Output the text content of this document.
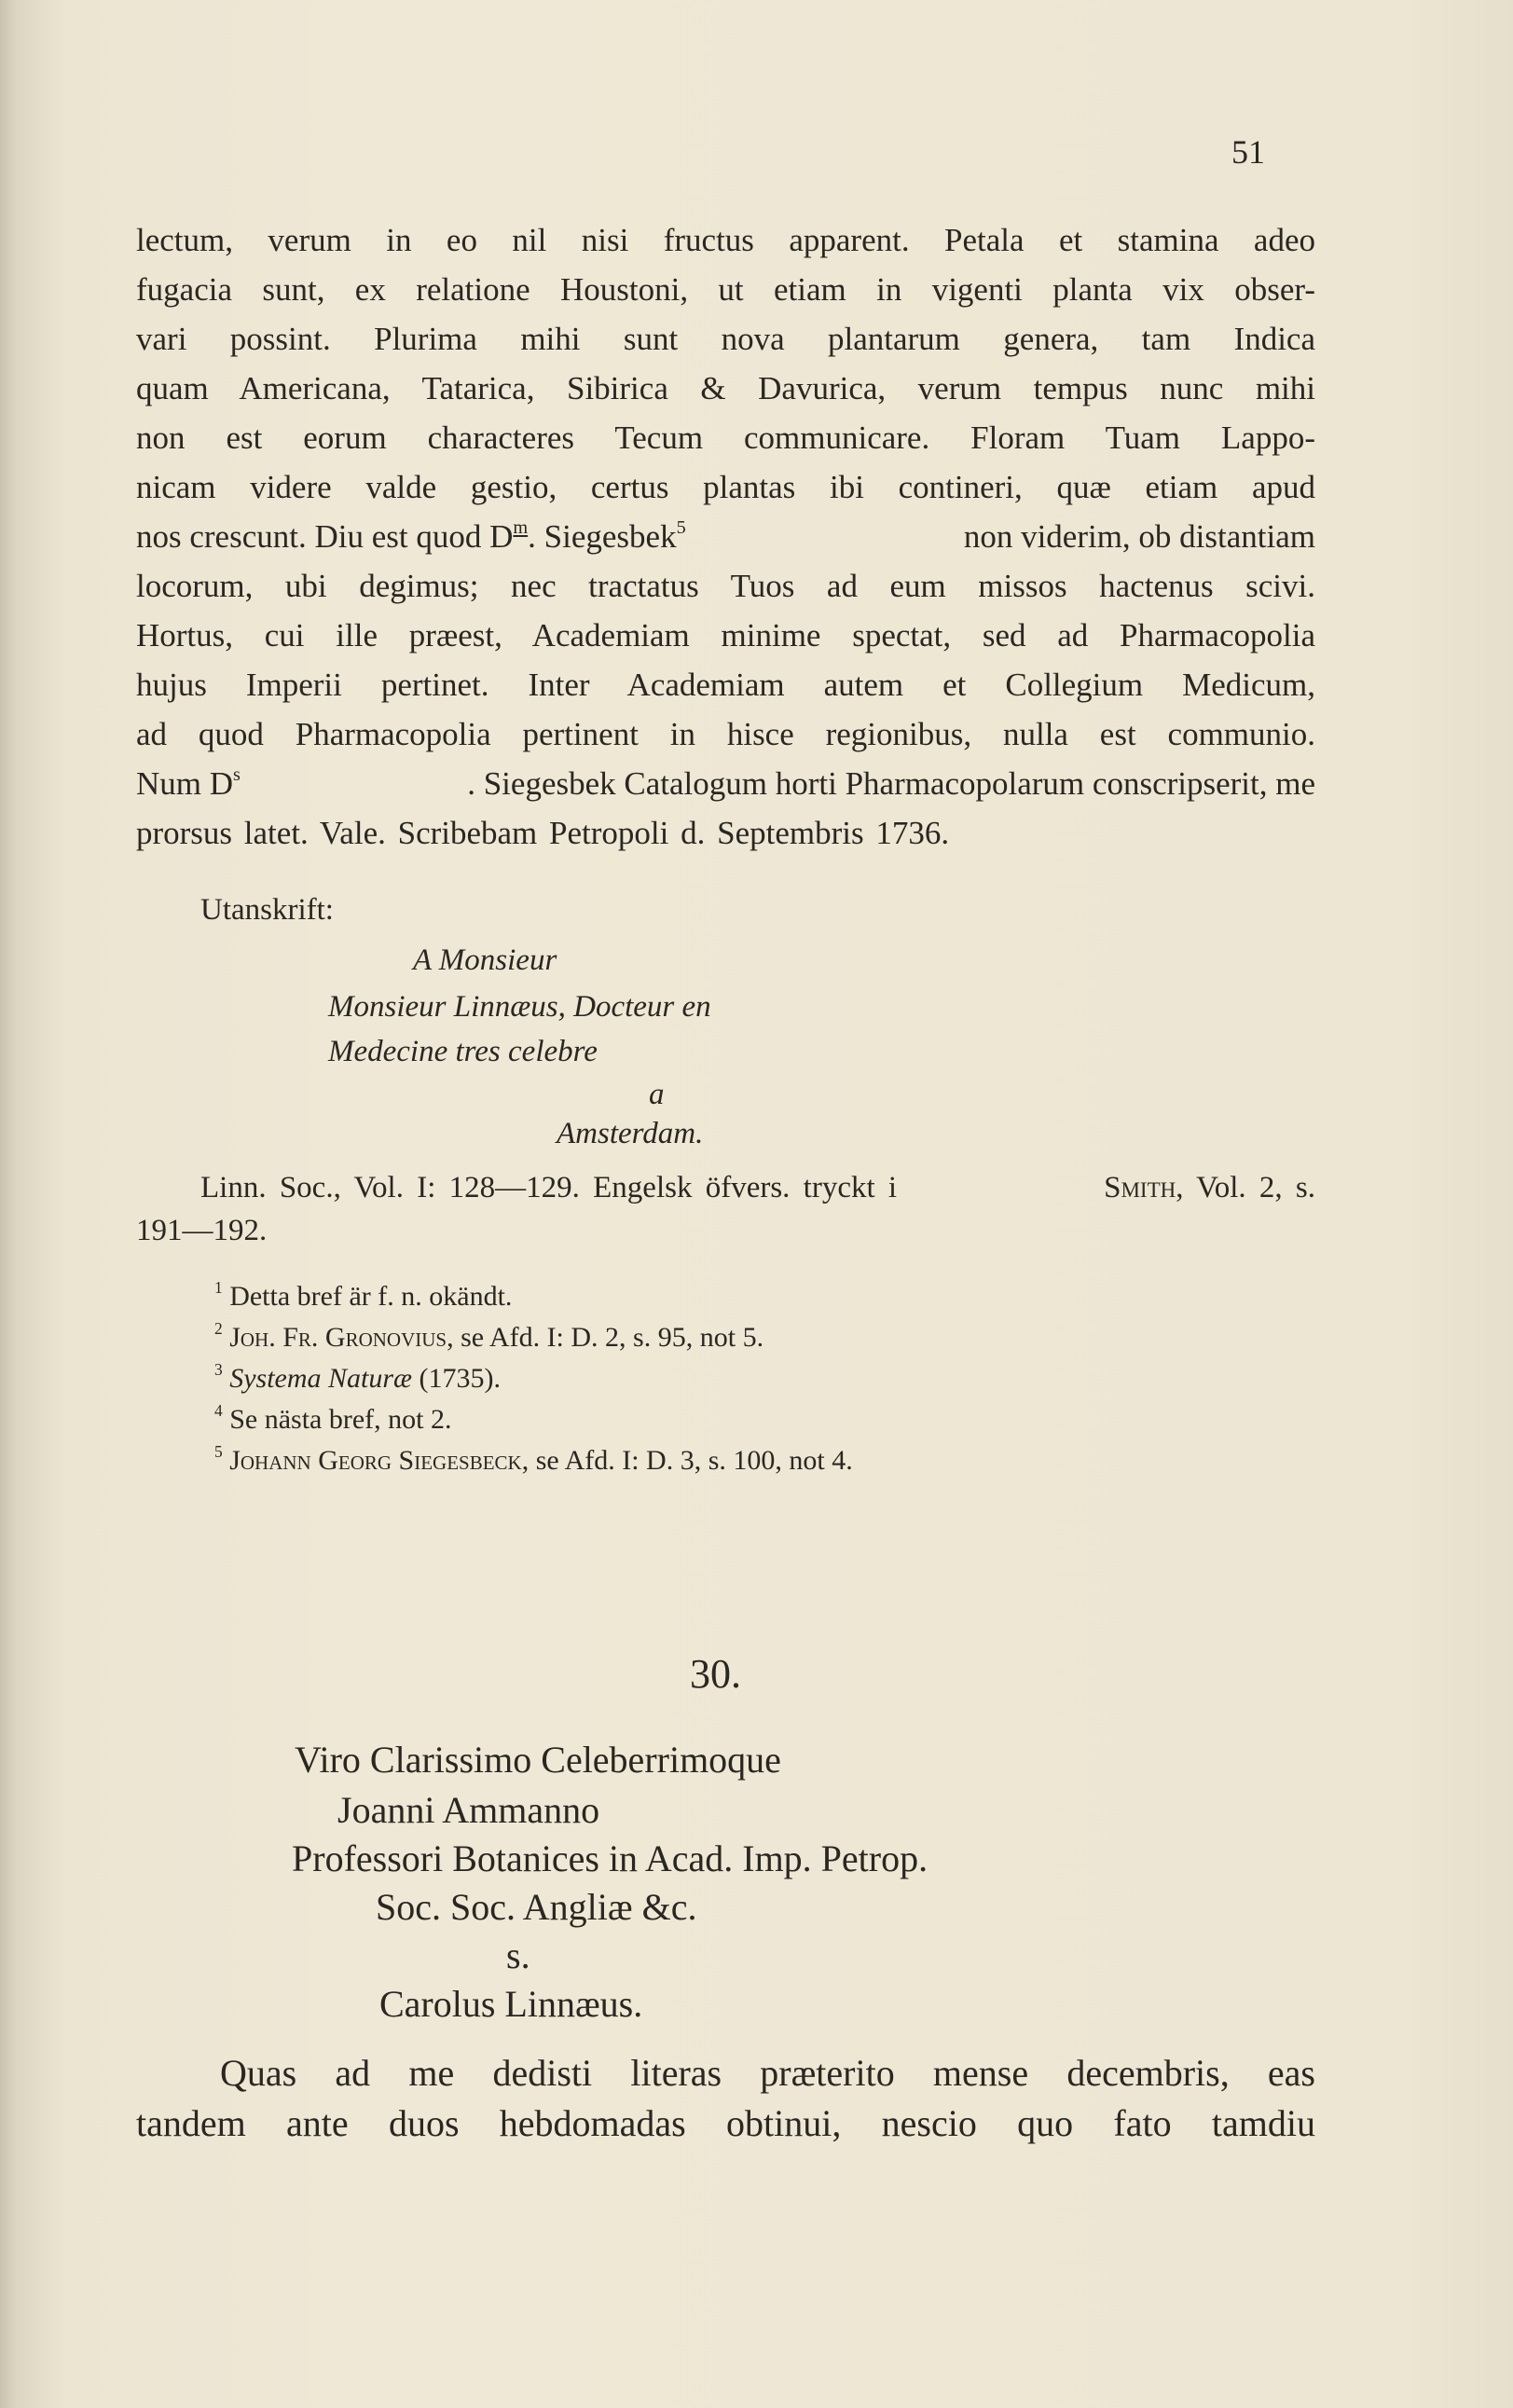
51
lectum, verum in eo nil nisi fructus apparent. Petala et stamina adeo
fugacia sunt, ex relatione Houstoni, ut etiam in vigenti planta vix obser-
vari possint. Plurima mihi sunt nova plantarum genera, tam Indica
quam Americana, Tatarica, Sibirica & Davurica, verum tempus nunc mihi
non est eorum characteres Tecum communicare. Floram Tuam Lappo-
nicam videre valde gestio, certus plantas ibi contineri, quæ etiam apud
nos crescunt. Diu est quod $D^m$. Siegesbek$^5$	non viderim, ob distantiam
locorum, ubi degimus; nec tractatus Tuos ad eum missos hactenus scivi.
Hortus, cui ille præest, Academiam minime spectat, sed ad Pharmacopolia
hujus Imperii pertinet. Inter Academiam autem et Collegium Medicum,
ad quod Pharmacopolia pertinent in hisce regionibus, nulla est communio.
Num $D^s$	. Siegesbek Catalogum horti Pharmacopolarum conscripserit, me
prorsus latet. Vale. Scribebam Petropoli d. Septembris 1736.
Utanskrift:
A Monsieur
Monsieur Linnæus, Docteur en
Medecine tres celebre
a
Amsterdam.
Linn. Soc., Vol. I: 128—129. Engelsk öfvers. tryckt i	Smith, Vol. 2, s.
191—192.
$^1$ Detta bref är f. n. okändt.
$^2$ Joh. Fr. Gronovius, se Afd. I: D. 2, s. 95, not 5.
$^3$ Systema Naturæ (1735).
$^4$ Se nästa bref, not 2.
$^5$ Johann Georg Siegesbeck, se Afd. I: D. 3, s. 100, not 4.
30.
Viro Clarissimo Celeberrimoque
Joanni Ammanno
Professori Botanices in Acad. Imp. Petrop.
Soc. Soc. Angliæ &c.
s.
Carolus Linnæus.
Quas ad me dedisti literas præterito mense decembris, eas
tandem ante duos hebdomadas obtinui, nescio quo fato tamdiu
